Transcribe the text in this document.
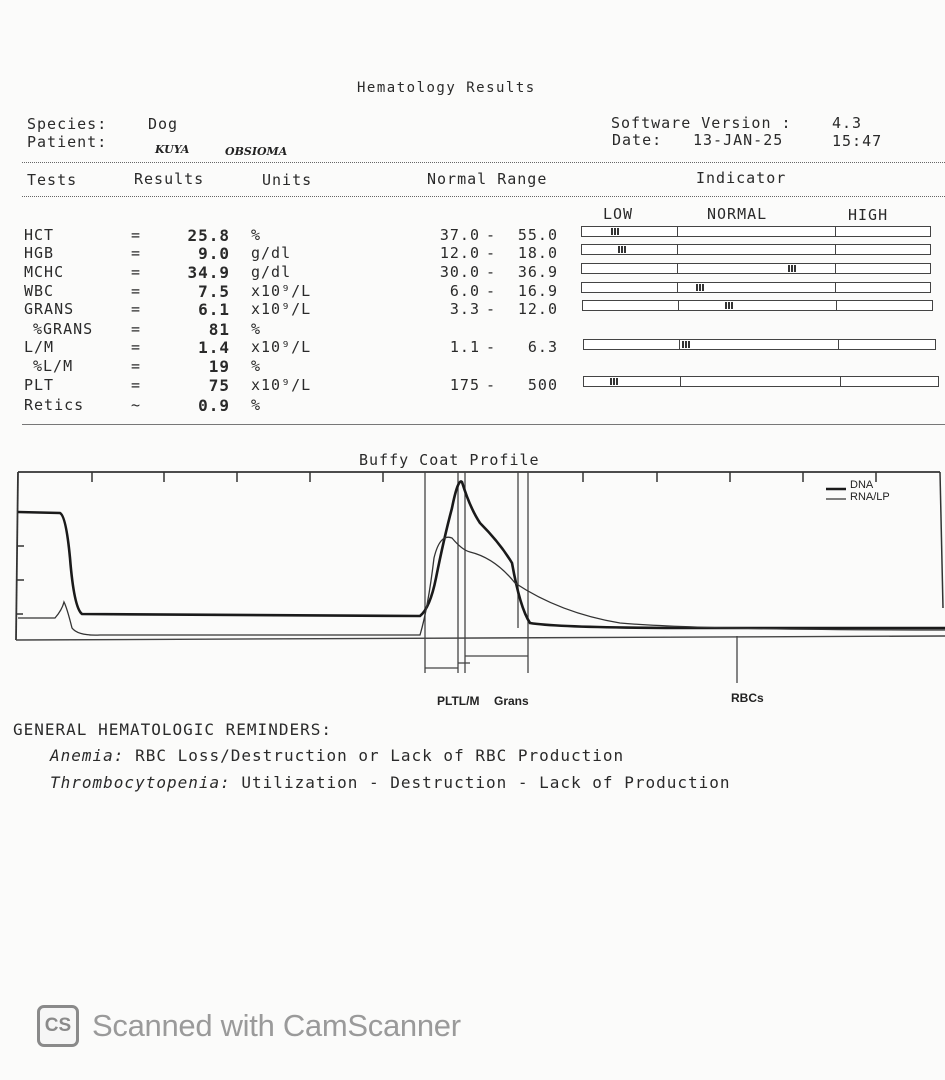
Hematology Results
Species:	Dog
Patient:	KUYA	OBSIOMA
Software Version :	4.3
Date: 13-JAN-25	15:47
Tests	Results	Units	Normal Range	Indicator
LOW	NORMAL	HIGH
HCT	=	25.8 %	37.0 -	55.0
HGB	=	9.0 g/dl	12.0 -	18.0
MCHC	=	34.9 g/dl	30.0 -	36.9
WBC	=	7.5 x10⁹/L	6.0 -	16.9
GRANS	=	6.1 x10⁹/L	3.3 -	12.0
%GRANS	=	81 %
L/M	=	1.4 x10⁹/L	1.1 -	6.3
%L/M	=	19 %
PLT	=	75 x10⁹/L	175 -	500
Retics	~	0.9 %
Buffy Coat Profile
DNA
RNA/LP
PLTL/M Grans	RBCs
GENERAL HEMATOLOGIC REMINDERS:
Anemia: RBC Loss/Destruction or Lack of RBC Production
Thrombocytopenia: Utilization - Destruction - Lack of Production
CS Scanned with CamScanner
